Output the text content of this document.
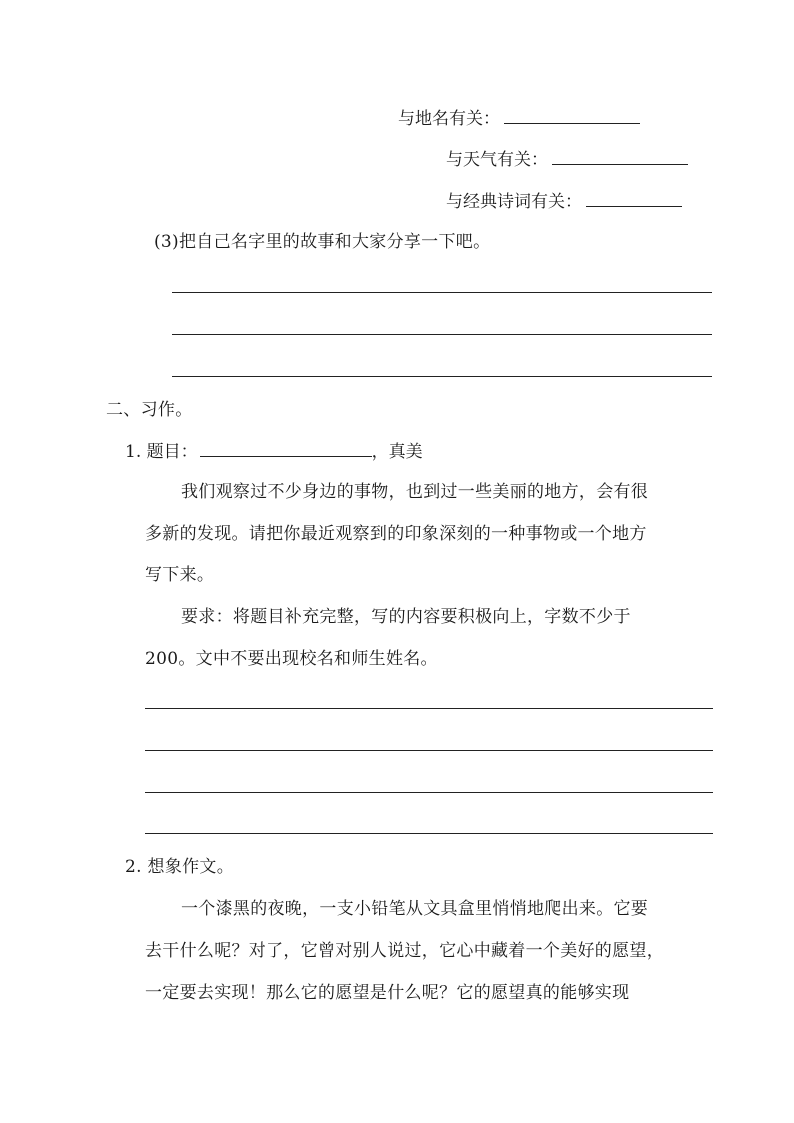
与地名有关：
与天气有关：
与经典诗词有关：
(3)把自己名字里的故事和大家分享一下吧。
二、习作。
1. 题目：	，真美
我们观察过不少身边的事物，也到过一些美丽的地方，会有很
多新的发现。请把你最近观察到的印象深刻的一种事物或一个地方
写下来。
要求：将题目补充完整，写的内容要积极向上，字数不少于
200。文中不要出现校名和师生姓名。
2. 想象作文。
一个漆黑的夜晚，一支小铅笔从文具盒里悄悄地爬出来。它要
去干什么呢？对了，它曾对别人说过，它心中藏着一个美好的愿望，
一定要去实现！那么它的愿望是什么呢？它的愿望真的能够实现
